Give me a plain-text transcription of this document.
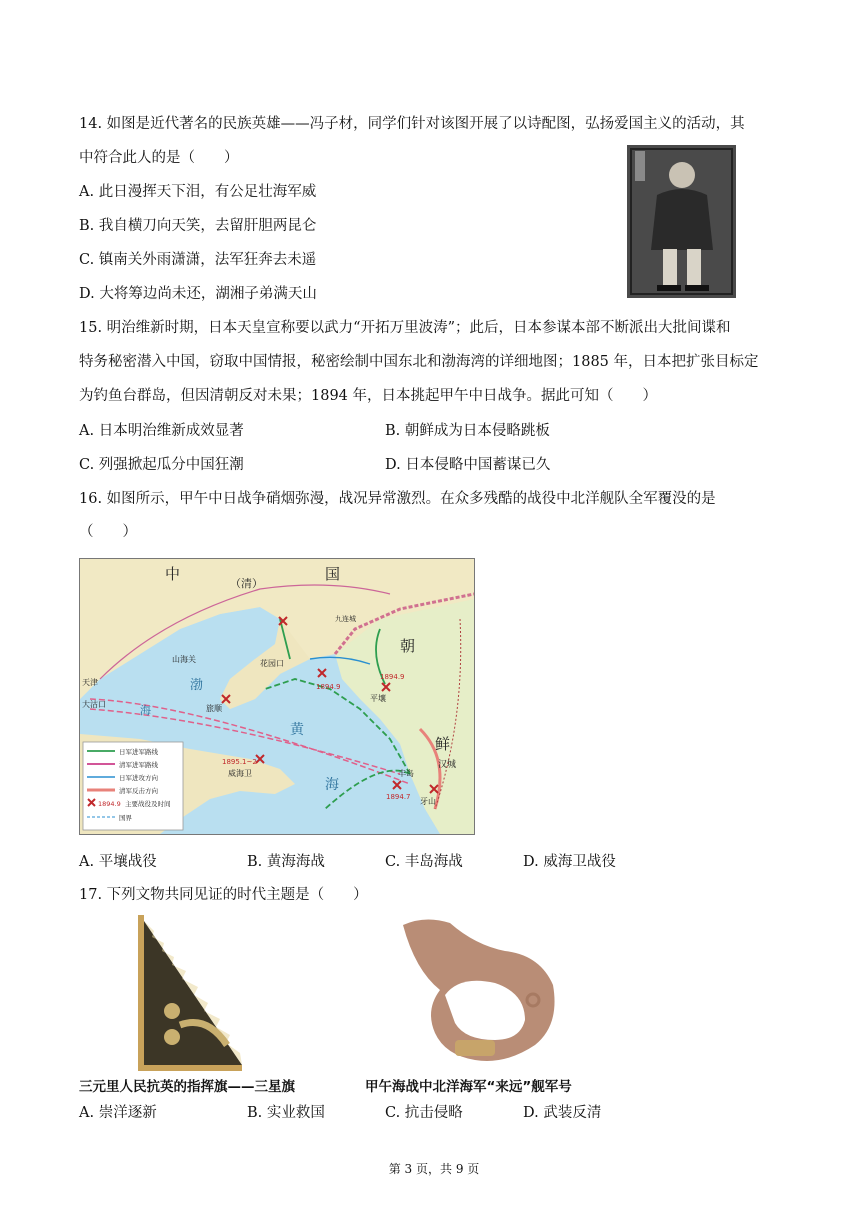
14. 如图是近代著名的民族英雄——冯子材，同学们针对该图开展了以诗配图，弘扬爱国主义的活动，其
中符合此人的是（　　）
A. 此日漫挥天下泪，有公足壮海军威
B. 我自横刀向天笑，去留肝胆两昆仑
C. 镇南关外雨潇潇，法军狂奔去未遥
D. 大将筹边尚未还，湖湘子弟满天山
15. 明治维新时期，日本天皇宣称要以武力“开拓万里波涛”；此后，日本参谋本部不断派出大批间谍和
特务秘密潜入中国，窃取中国情报，秘密绘制中国东北和渤海湾的详细地图；1885 年，日本把扩张目标定
为钓鱼台群岛，但因清朝反对未果；1894 年，日本挑起甲午中日战争。据此可知（　　）
A. 日本明治维新成效显著	B. 朝鲜成为日本侵略跳板
C. 列强掀起瓜分中国狂潮	D. 日本侵略中国蓄谋已久
16. 如图所示，甲午中日战争硝烟弥漫，战况异常激烈。在众多残酷的战役中北洋舰队全军覆没的是
（　　）
中
（清）
国
朝
鲜
渤
海
黄
海
山海关
天津
大沽口	旅顺
花园口
九连城
威海卫
平壤
汉城
丰岛
牙山
1894.9
1894.9
1895.1~2
1894.7
日军进军路线
清军进军路线
日军进攻方向
清军反击方向
1894.9 主要战役及时间
国界
A. 平壤战役	B. 黄海海战	C. 丰岛海战	D. 威海卫战役
17. 下列文物共同见证的时代主题是（　　）
三元里人民抗英的指挥旗——三星旗	甲午海战中北洋海军“来远”舰军号
A. 崇洋逐新	B. 实业救国	C. 抗击侵略	D. 武装反清
第 3 页，共 9 页
